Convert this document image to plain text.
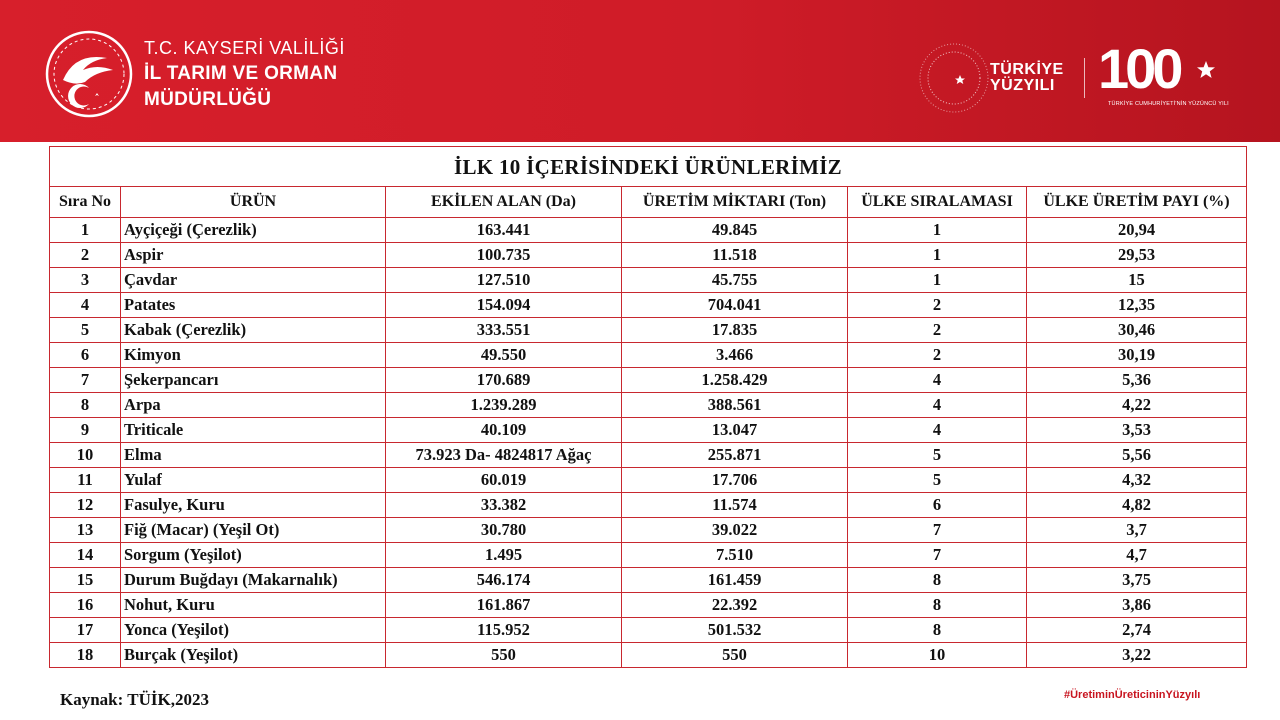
T.C. KAYSERİ VALİLİĞİ
İL TARIM VE ORMAN
MÜDÜRLÜĞÜ
TÜRKİYE
YÜZYILI 100
TÜRKİYE CUMHURİYETİ'NİN YÜZÜNCÜ YILI
İLK 10 İÇERİSİNDEKİ ÜRÜNLERİMİZ					
Sıra No	ÜRÜN	EKİLEN ALAN (Da)	ÜRETİM MİKTARI (Ton)	ÜLKE SIRALAMASI	ÜLKE ÜRETİM PAYI (%)
1	Ayçiçeği (Çerezlik)	163.441	49.845	1	20,94
2	Aspir	100.735	11.518	1	29,53
3	Çavdar	127.510	45.755	1	15
4	Patates	154.094	704.041	2	12,35
5	Kabak (Çerezlik)	333.551	17.835	2	30,46
6	Kimyon	49.550	3.466	2	30,19
7	Şekerpancarı	170.689	1.258.429	4	5,36
8	Arpa	1.239.289	388.561	4	4,22
9	Triticale	40.109	13.047	4	3,53
10	Elma	73.923 Da- 4824817 Ağaç	255.871	5	5,56
11	Yulaf	60.019	17.706	5	4,32
12	Fasulye, Kuru	33.382	11.574	6	4,82
13	Fiğ (Macar) (Yeşil Ot)	30.780	39.022	7	3,7
14	Sorgum (Yeşilot)	1.495	7.510	7	4,7
15	Durum Buğdayı (Makarnalık)	546.174	161.459	8	3,75
16	Nohut, Kuru	161.867	22.392	8	3,86
17	Yonca (Yeşilot)	115.952	501.532	8	2,74
18	Burçak (Yeşilot)	550	550	10	3,22
Kaynak: TÜİK,2023	#ÜretiminÜreticininYüzyılı
